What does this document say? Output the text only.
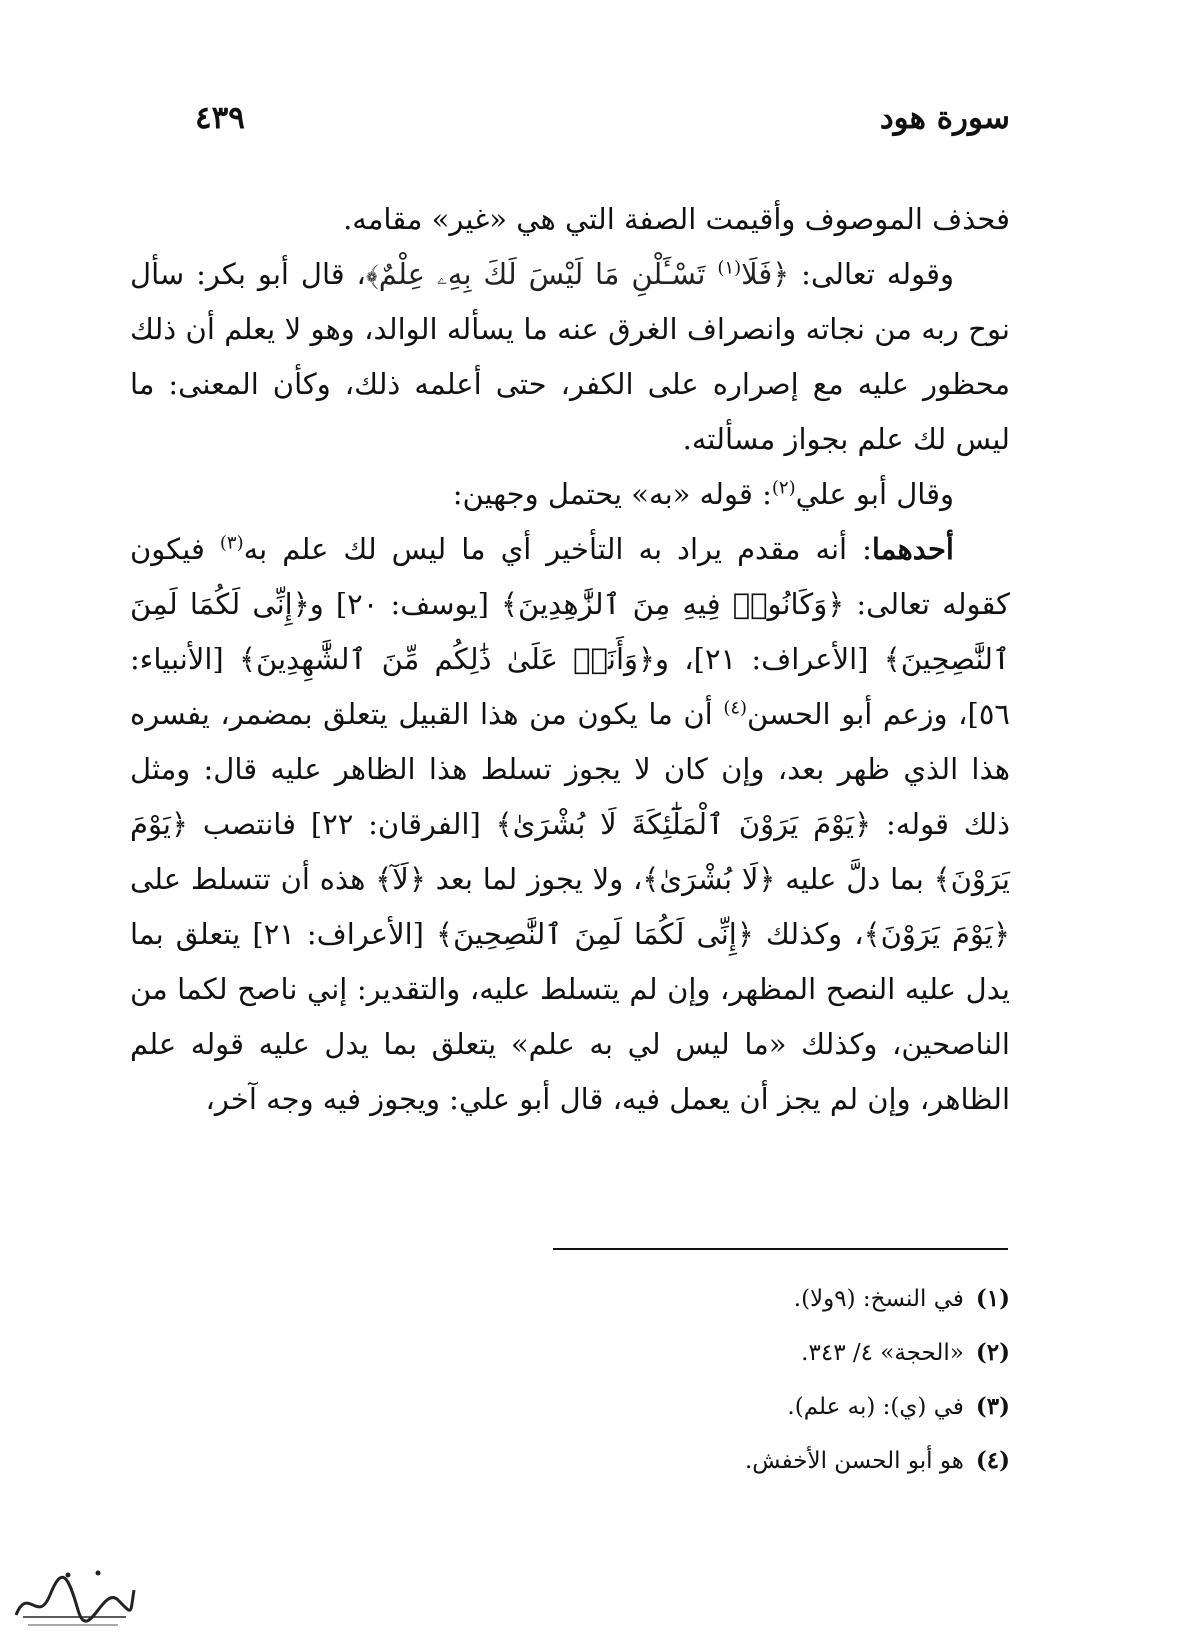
سورة هود
٤٣٩

فحذف الموصوف وأقيمت الصفة التي هي «غير» مقامه.

وقوله تعالى: ﴿فَلَا$^{(١)}$ تَسْـَٔلْنِ مَا لَيْسَ لَكَ بِهِۦ عِلْمٌ﴾، قال أبو بكر: سأل نوح ربه من نجاته وانصراف الغرق عنه ما يسأله الوالد، وهو لا يعلم أن ذلك محظور عليه مع إصراره على الكفر، حتى أعلمه ذلك، وكأن المعنى: ما ليس لك علم بجواز مسألته.

وقال أبو علي$^{(٢)}$: قوله «به» يحتمل وجهين:

أحدهما: أنه مقدم يراد به التأخير أي ما ليس لك علم به$^{(٣)}$ فيكون كقوله تعالى: ﴿وَكَانُوا۟ فِيهِ مِنَ ٱلزَّٰهِدِينَ﴾ [يوسف: ٢٠] و﴿إِنِّى لَكُمَا لَمِنَ ٱلنَّٰصِحِينَ﴾ [الأعراف: ٢١]، و﴿وَأَنَا۠ عَلَىٰ ذَٰلِكُم مِّنَ ٱلشَّٰهِدِينَ﴾ [الأنبياء: ٥٦]، وزعم أبو الحسن$^{(٤)}$ أن ما يكون من هذا القبيل يتعلق بمضمر، يفسره هذا الذي ظهر بعد، وإن كان لا يجوز تسلط هذا الظاهر عليه قال: ومثل ذلك قوله: ﴿يَوْمَ يَرَوْنَ ٱلْمَلَٰٓئِكَةَ لَا بُشْرَىٰ﴾ [الفرقان: ٢٢] فانتصب ﴿يَوْمَ يَرَوْنَ﴾ بما دلَّ عليه ﴿لَا بُشْرَىٰ﴾، ولا يجوز لما بعد ﴿لَآ﴾ هذه أن تتسلط على ﴿يَوْمَ يَرَوْنَ﴾، وكذلك ﴿إِنِّى لَكُمَا لَمِنَ ٱلنَّٰصِحِينَ﴾ [الأعراف: ٢١] يتعلق بما يدل عليه النصح المظهر، وإن لم يتسلط عليه، والتقدير: إني ناصح لكما من الناصحين، وكذلك «ما ليس لي به علم» يتعلق بما يدل عليه قوله علم الظاهر، وإن لم يجز أن يعمل فيه، قال أبو علي: ويجوز فيه وجه آخر،

(١)في النسخ: (٩ولا).
(٢)«الحجة» ٤/ ٣٤٣.
(٣)في (ي): (به علم).
(٤)هو أبو الحسن الأخفش.
